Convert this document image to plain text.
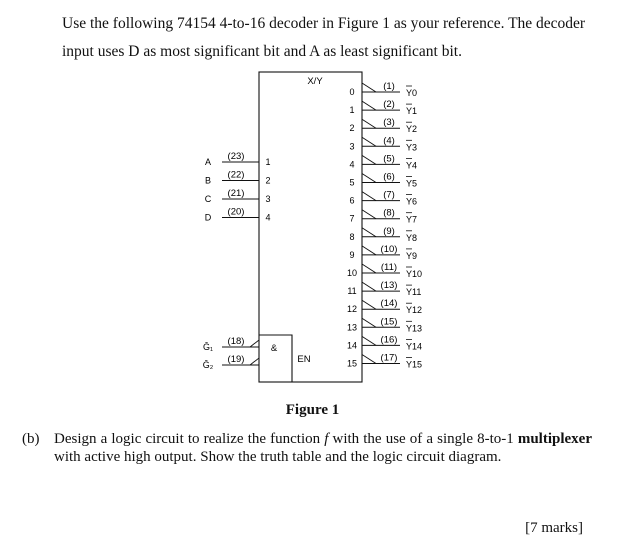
Use the following 74154 4-to-16 decoder in Figure 1 as your reference. The decoder

input uses D as most significant bit and A as least significant bit.

X/Y
&
EN
A (23) 1
B (22) 2
C (21) 3
D (20) 4
Ḡ₁ (18)
Ḡ₂ (19)
0	(1)
Y0
1	(2)
Y1
2	(3)
Y2
3	(4)
Y3
4	(5)
Y4
5	(6)
Y5
6	(7)
Y6
7	(8)
Y7
8	(9)
Y8
9	(10)
Y9
10	(11)
Y10
11	(13)
Y11
12 (14)
Y12
13 (15)
Y13
14 (16)
Y14
15 (17)
Y15
Figure 1
(b) Design a logic circuit to realize the function f with the use of a single 8-to-1 multiplexer with active high output. Show the truth table and the logic circuit diagram.
[7 marks]
